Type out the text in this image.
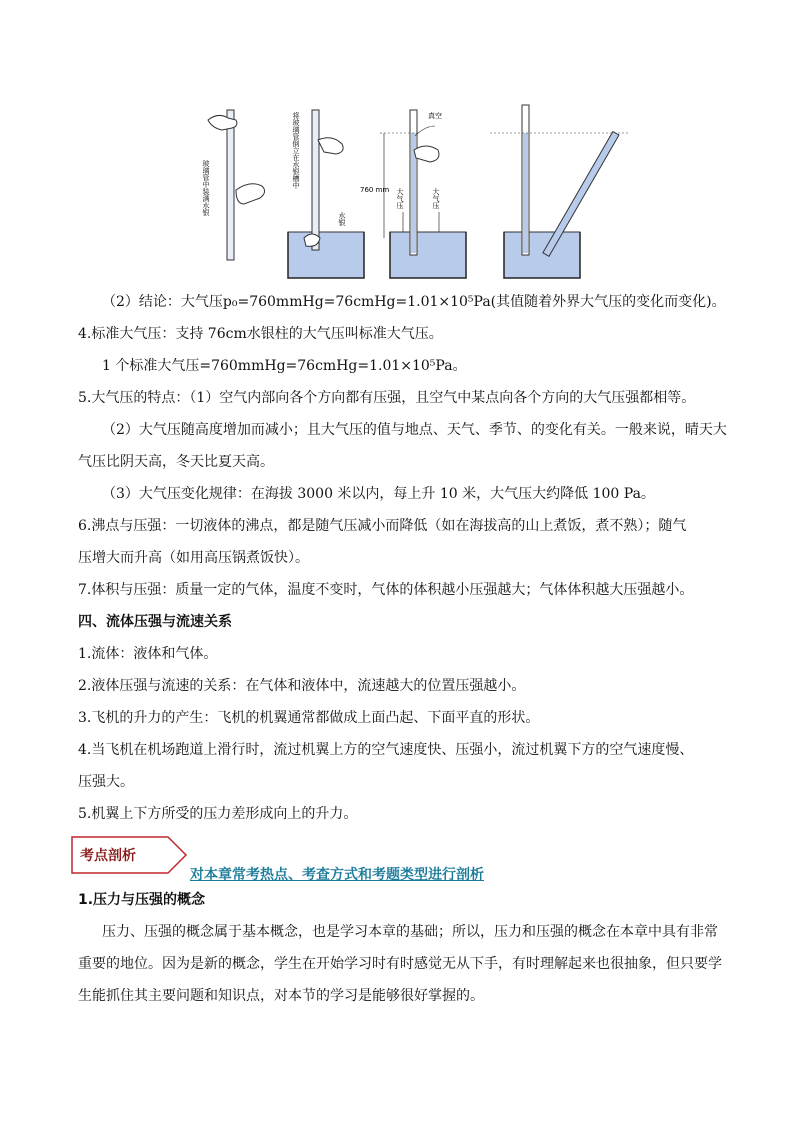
玻璃管中装满水银	将玻璃管倒立在水银槽中
水银
760 mm
真空
大气压	大气压
（2）结论：大气压p₀=760mmHg=76cmHg=1.01×10⁵Pa(其值随着外界大气压的变化而变化)。
4.标准大气压：支持 76cm水银柱的大气压叫标准大气压。
1 个标准大气压=760mmHg=76cmHg=1.01×10⁵Pa。
5.大气压的特点：（1）空气内部向各个方向都有压强，且空气中某点向各个方向的大气压强都相等。
（2）大气压随高度增加而减小；且大气压的值与地点、天气、季节、的变化有关。一般来说，晴天大
气压比阴天高，冬天比夏天高。
（3）大气压变化规律：在海拔 3000 米以内，每上升 10 米，大气压大约降低 100 Pa。
6.沸点与压强：一切液体的沸点，都是随气压减小而降低（如在海拔高的山上煮饭，煮不熟）；随气
压增大而升高（如用高压锅煮饭快）。
7.体积与压强：质量一定的气体，温度不变时，气体的体积越小压强越大；气体体积越大压强越小。
四、流体压强与流速关系
1.流体：液体和气体。
2.液体压强与流速的关系：在气体和液体中，流速越大的位置压强越小。
3.飞机的升力的产生：飞机的机翼通常都做成上面凸起、下面平直的形状。
4.当飞机在机场跑道上滑行时，流过机翼上方的空气速度快、压强小，流过机翼下方的空气速度慢、
压强大。
5.机翼上下方所受的压力差形成向上的升力。
考点剖析
对本章常考热点、考查方式和考题类型进行剖析
1.压力与压强的概念
压力、压强的概念属于基本概念，也是学习本章的基础；所以，压力和压强的概念在本章中具有非常
重要的地位。因为是新的概念，学生在开始学习时有时感觉无从下手，有时理解起来也很抽象，但只要学
生能抓住其主要问题和知识点，对本节的学习是能够很好掌握的。
